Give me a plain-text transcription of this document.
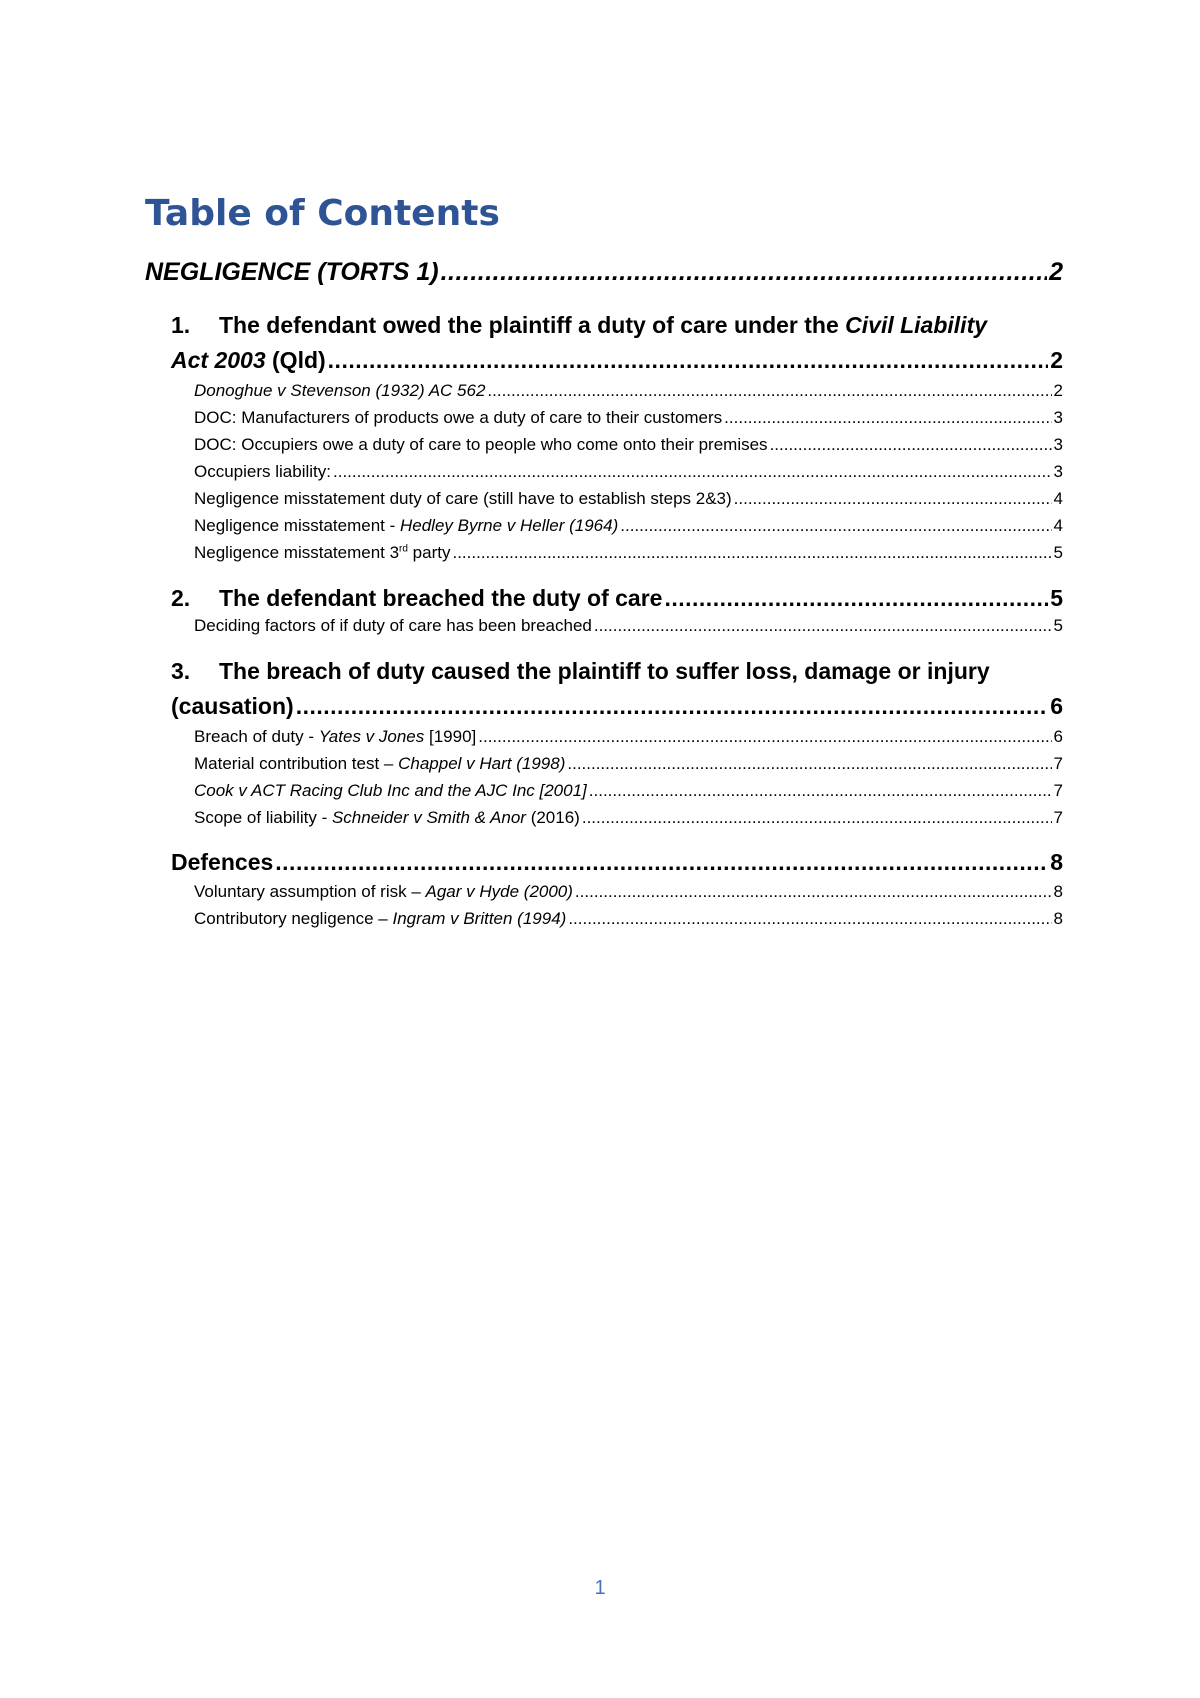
Table of Contents
NEGLIGENCE (TORTS 1) .....	2
1. The defendant owed the plaintiff a duty of care under the Civil Liability
Act 2003 (Qld) .....	2
Donoghue v Stevenson (1932) AC 562 .....	2
DOC: Manufacturers of products owe a duty of care to their customers .....	3
DOC: Occupiers owe a duty of care to people who come onto their premises .....	3
Occupiers liability: .....	3
Negligence misstatement duty of care (still have to establish steps 2&3) .....	4
Negligence misstatement - Hedley Byrne v Heller (1964) .....	4
Negligence misstatement 3rd party .....	5
2. The defendant breached the duty of care .....	5
Deciding factors of if duty of care has been breached .....	5
3. The breach of duty caused the plaintiff to suffer loss, damage or injury
(causation) .....	6
Breach of duty - Yates v Jones [1990] .....	6
Material contribution test – Chappel v Hart (1998) .....	7
Cook v ACT Racing Club Inc and the AJC Inc [2001] .....	7
Scope of liability - Schneider v Smith & Anor (2016) .....	7
Defences .....	8
Voluntary assumption of risk – Agar v Hyde (2000) .....	8
Contributory negligence – Ingram v Britten (1994) .....	8
1
